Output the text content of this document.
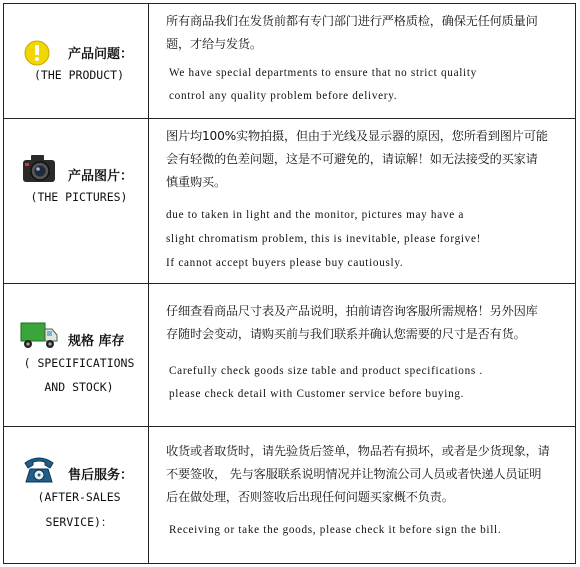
产品问题：
(THE PRODUCT)
所有商品我们在发货前都有专门部门进行严格质检，确保无任何质量问
题，才给与发货。
We have special departments to ensure that no strict quality
control any quality problem before delivery.
产品图片：
(THE PICTURES)
图片均100%实物拍摄，但由于光线及显示器的原因，您所看到图片可能
会有轻微的色差问题，这是不可避免的，请谅解！如无法接受的买家请
慎重购买。
due to taken in light and the monitor, pictures may have a
slight chromatism problem, this is inevitable, please forgive!
If cannot accept buyers please buy cautiously.
规格 库存
( SPECIFICATIONS
AND STOCK)
仔细查看商品尺寸表及产品说明，拍前请咨询客服所需规格！另外因库
存随时会变动，请购买前与我们联系并确认您需要的尺寸是否有货。
Carefully check goods size table and product specifications .
please check detail with Customer service before buying.
售后服务：
(AFTER-SALES
SERVICE)：
收货或者取货时，请先验货后签单，物品若有损坏，或者是少货现象，请
不要签收， 先与客服联系说明情况并让物流公司人员或者快递人员证明
后在做处理，否则签收后出现任何问题买家概不负责。
Receiving or take the goods, please check it before sign the bill.
